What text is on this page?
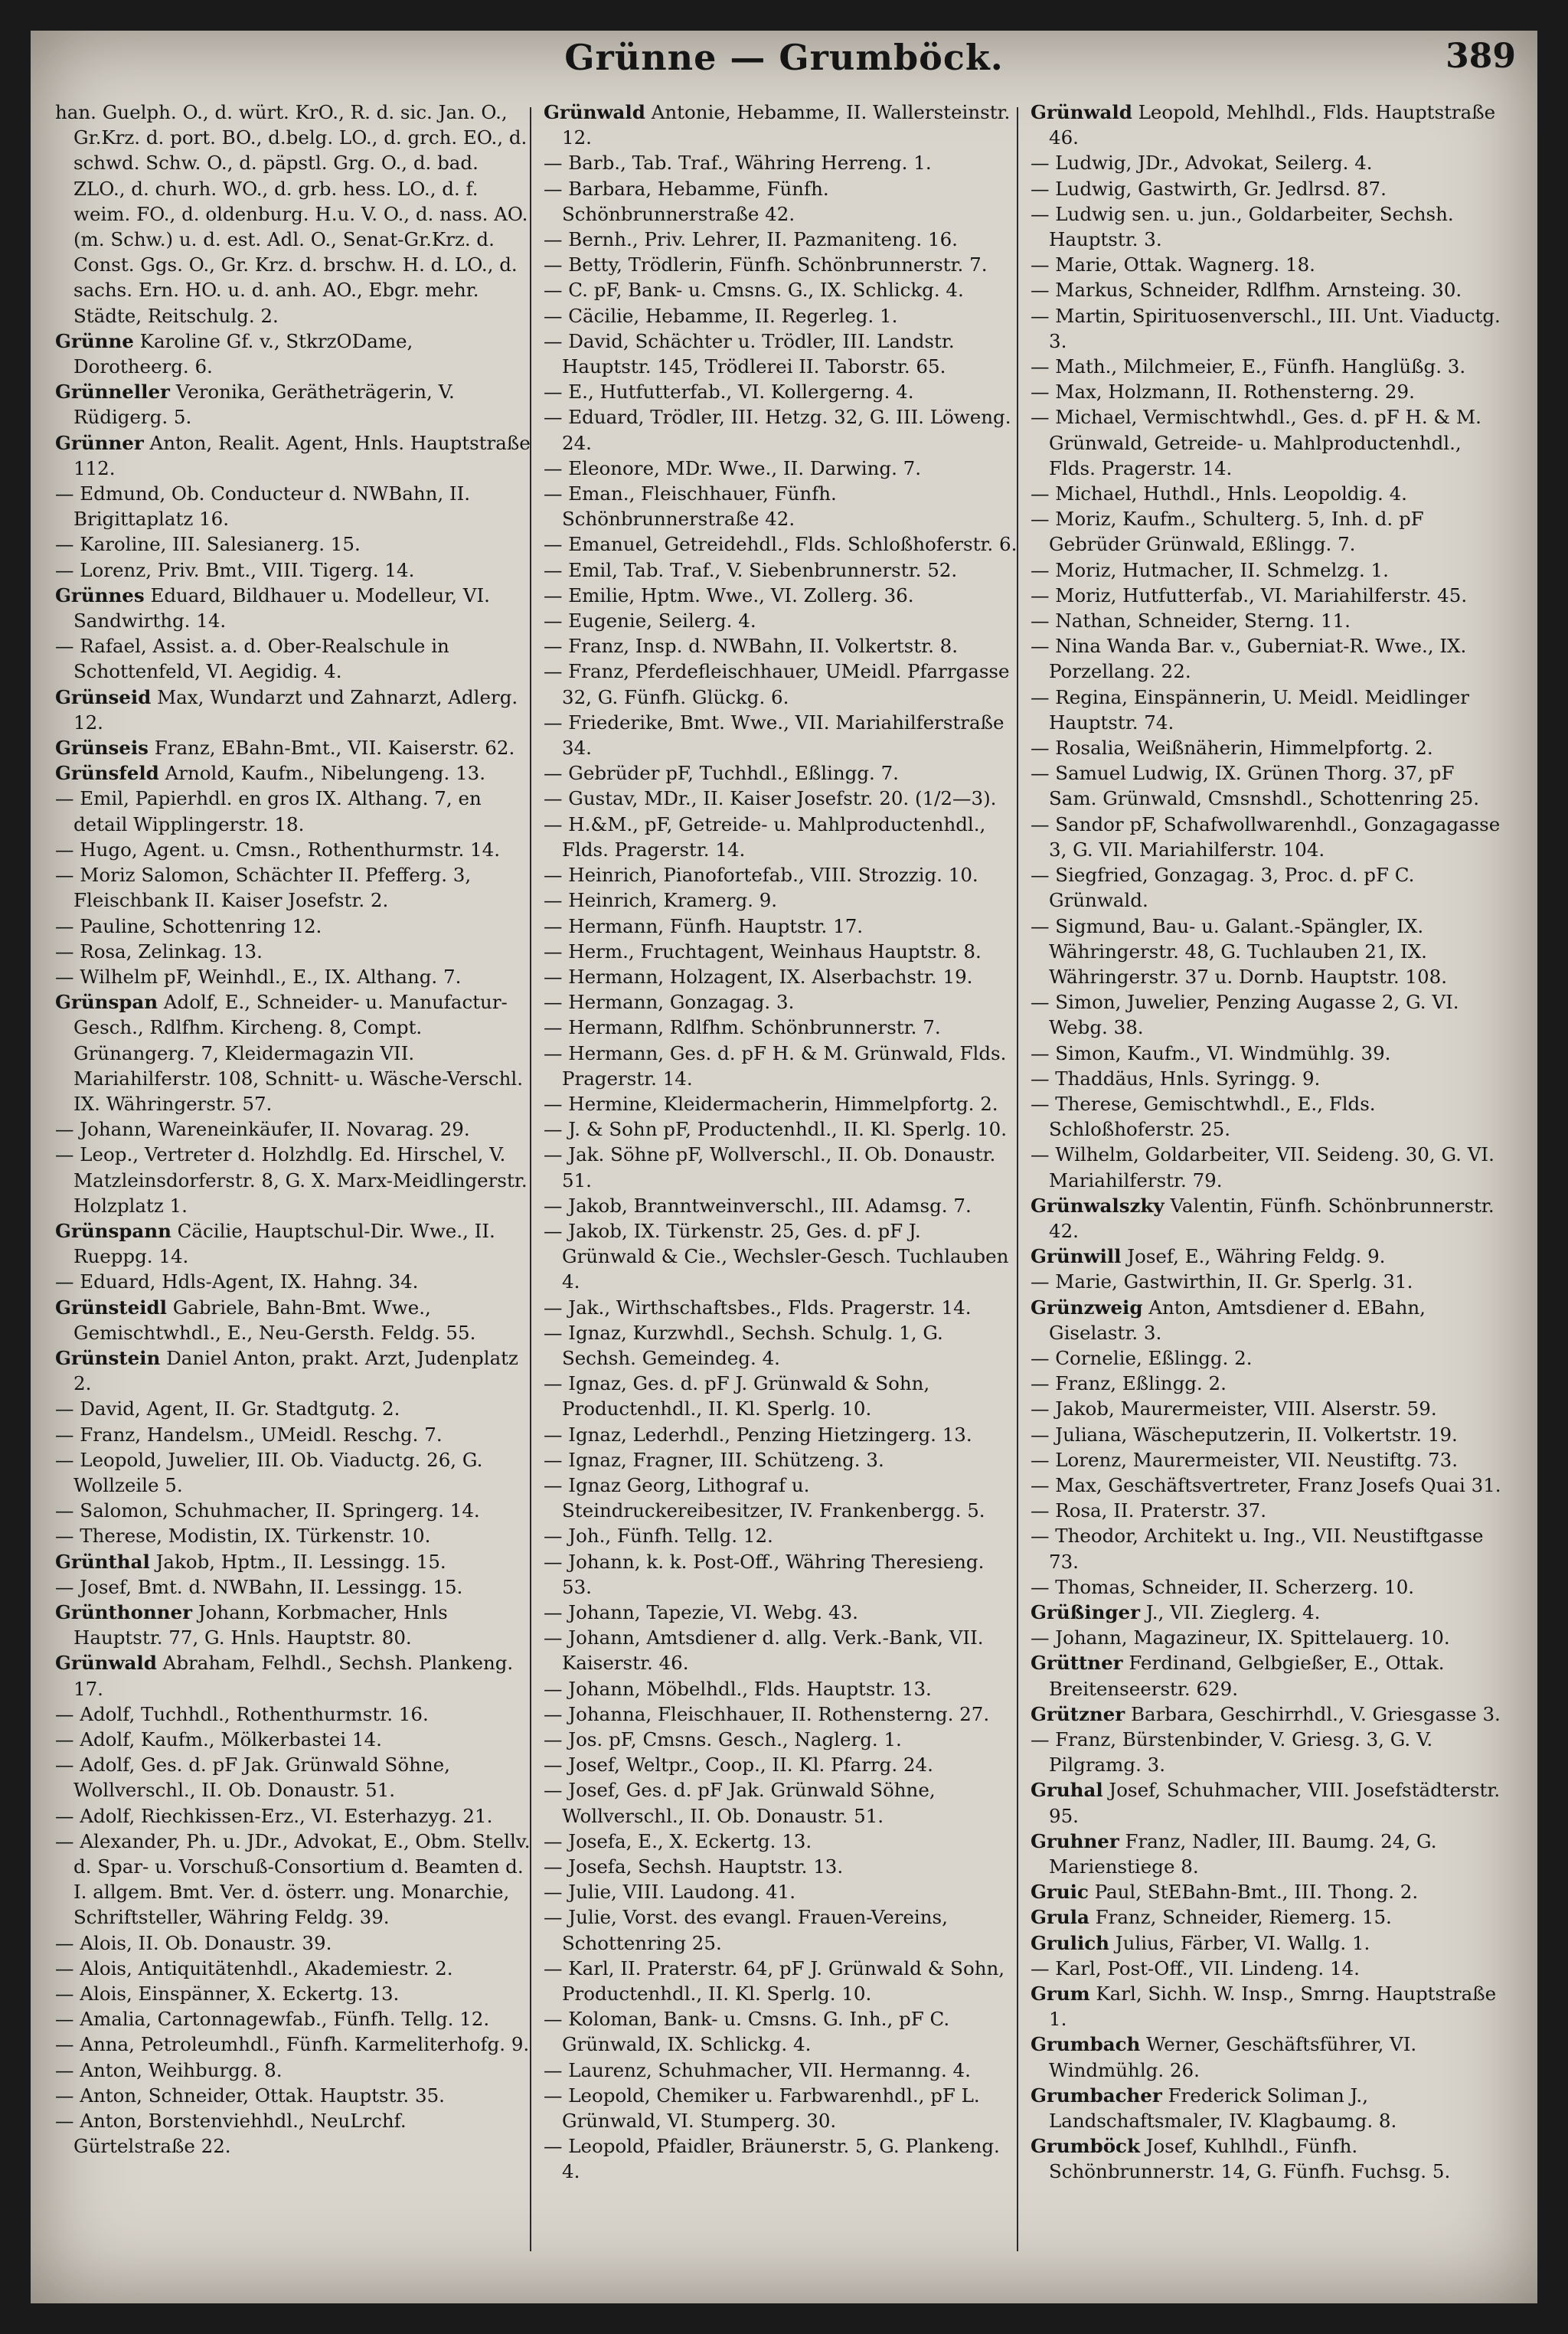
Grünne — Grumböck.	389

han. Guelph. O., d. würt. KrO., R. d. sic. Jan. O., Gr.Krz. d. port. BO., d.belg. LO., d. grch. EO., d. schwd. Schw. O., d. päpstl. Grg. O., d. bad. ZLO., d. churh. WO., d. grb. hess. LO., d. f. weim. FO., d. oldenburg. H.u. V. O., d. nass. AO. (m. Schw.) u. d. est. Adl. O., Senat-Gr.Krz. d. Const. Ggs. O., Gr. Krz. d. brschw. H. d. LO., d. sachs. Ern. HO. u. d. anh. AO., Ebgr. mehr. Städte, Reitschulg. 2.

Grünne Karoline Gf. v., StkrzODame, Dorotheerg. 6.

Grünneller Veronika, Gerätheträgerin, V. Rüdigerg. 5.

Grünner Anton, Realit. Agent, Hnls. Hauptstraße 112.

— Edmund, Ob. Conducteur d. NWBahn, II. Brigittaplatz 16.

— Karoline, III. Salesianerg. 15.

— Lorenz, Priv. Bmt., VIII. Tigerg. 14.

Grünnes Eduard, Bildhauer u. Modelleur, VI. Sandwirthg. 14.

— Rafael, Assist. a. d. Ober-Realschule in Schottenfeld, VI. Aegidig. 4.

Grünseid Max, Wundarzt und Zahnarzt, Adlerg. 12.

Grünseis Franz, EBahn-Bmt., VII. Kaiserstr. 62.

Grünsfeld Arnold, Kaufm., Nibelungeng. 13.

— Emil, Papierhdl. en gros IX. Althang. 7, en detail Wipplingerstr. 18.

— Hugo, Agent. u. Cmsn., Rothenthurmstr. 14.

— Moriz Salomon, Schächter II. Pfefferg. 3, Fleischbank II. Kaiser Josefstr. 2.

— Pauline, Schottenring 12.

— Rosa, Zelinkag. 13.

— Wilhelm pF, Weinhdl., E., IX. Althang. 7.

Grünspan Adolf, E., Schneider- u. Manufactur-Gesch., Rdlfhm. Kircheng. 8, Compt. Grünangerg. 7, Kleidermagazin VII. Mariahilferstr. 108, Schnitt- u. Wäsche-Verschl. IX. Währingerstr. 57.

— Johann, Wareneinkäufer, II. Novarag. 29.

— Leop., Vertreter d. Holzhdlg. Ed. Hirschel, V. Matzleinsdorferstr. 8, G. X. Marx-Meidlingerstr. Holzplatz 1.

Grünspann Cäcilie, Hauptschul-Dir. Wwe., II. Rueppg. 14.

— Eduard, Hdls-Agent, IX. Hahng. 34.

Grünsteidl Gabriele, Bahn-Bmt. Wwe., Gemischtwhdl., E., Neu-Gersth. Feldg. 55.

Grünstein Daniel Anton, prakt. Arzt, Judenplatz 2.

— David, Agent, II. Gr. Stadtgutg. 2.

— Franz, Handelsm., UMeidl. Reschg. 7.

— Leopold, Juwelier, III. Ob. Viaductg. 26, G. Wollzeile 5.

— Salomon, Schuhmacher, II. Springerg. 14.

— Therese, Modistin, IX. Türkenstr. 10.

Grünthal Jakob, Hptm., II. Lessingg. 15.

— Josef, Bmt. d. NWBahn, II. Lessingg. 15.

Grünthonner Johann, Korbmacher, Hnls Hauptstr. 77, G. Hnls. Hauptstr. 80.

Grünwald Abraham, Felhdl., Sechsh. Plankeng. 17.

— Adolf, Tuchhdl., Rothenthurmstr. 16.

— Adolf, Kaufm., Mölkerbastei 14.

— Adolf, Ges. d. pF Jak. Grünwald Söhne, Wollverschl., II. Ob. Donaustr. 51.

— Adolf, Riechkissen-Erz., VI. Esterhazyg. 21.

— Alexander, Ph. u. JDr., Advokat, E., Obm. Stellv. d. Spar- u. Vorschuß-Consortium d. Beamten d. I. allgem. Bmt. Ver. d. österr. ung. Monarchie, Schriftsteller, Währing Feldg. 39.

— Alois, II. Ob. Donaustr. 39.

— Alois, Antiquitätenhdl., Akademiestr. 2.

— Alois, Einspänner, X. Eckertg. 13.

— Amalia, Cartonnagewfab., Fünfh. Tellg. 12.

— Anna, Petroleumhdl., Fünfh. Karmeliterhofg. 9.

— Anton, Weihburgg. 8.

— Anton, Schneider, Ottak. Hauptstr. 35.

— Anton, Borstenviehhdl., NeuLrchf. Gürtelstraße 22.

Grünwald Antonie, Hebamme, II. Wallersteinstr. 12.

— Barb., Tab. Traf., Währing Herreng. 1.

— Barbara, Hebamme, Fünfh. Schönbrunnerstraße 42.

— Bernh., Priv. Lehrer, II. Pazmaniteng. 16.

— Betty, Trödlerin, Fünfh. Schönbrunnerstr. 7.

— C. pF, Bank- u. Cmsns. G., IX. Schlickg. 4.

— Cäcilie, Hebamme, II. Regerleg. 1.

— David, Schächter u. Trödler, III. Landstr. Hauptstr. 145, Trödlerei II. Taborstr. 65.

— E., Hutfutterfab., VI. Kollergerng. 4.

— Eduard, Trödler, III. Hetzg. 32, G. III. Löweng. 24.

— Eleonore, MDr. Wwe., II. Darwing. 7.

— Eman., Fleischhauer, Fünfh. Schönbrunnerstraße 42.

— Emanuel, Getreidehdl., Flds. Schloßhoferstr. 6.

— Emil, Tab. Traf., V. Siebenbrunnerstr. 52.

— Emilie, Hptm. Wwe., VI. Zollerg. 36.

— Eugenie, Seilerg. 4.

— Franz, Insp. d. NWBahn, II. Volkertstr. 8.

— Franz, Pferdefleischhauer, UMeidl. Pfarrgasse 32, G. Fünfh. Glückg. 6.

— Friederike, Bmt. Wwe., VII. Mariahilferstraße 34.

— Gebrüder pF, Tuchhdl., Eßlingg. 7.

— Gustav, MDr., II. Kaiser Josefstr. 20. (1/2—3).

— H.&M., pF, Getreide- u. Mahlproductenhdl., Flds. Pragerstr. 14.

— Heinrich, Pianofortefab., VIII. Strozzig. 10.

— Heinrich, Kramerg. 9.

— Hermann, Fünfh. Hauptstr. 17.

— Herm., Fruchtagent, Weinhaus Hauptstr. 8.

— Hermann, Holzagent, IX. Alserbachstr. 19.

— Hermann, Gonzagag. 3.

— Hermann, Rdlfhm. Schönbrunnerstr. 7.

— Hermann, Ges. d. pF H. & M. Grünwald, Flds. Pragerstr. 14.

— Hermine, Kleidermacherin, Himmelpfortg. 2.

— J. & Sohn pF, Productenhdl., II. Kl. Sperlg. 10.

— Jak. Söhne pF, Wollverschl., II. Ob. Donaustr. 51.

— Jakob, Branntweinverschl., III. Adamsg. 7.

— Jakob, IX. Türkenstr. 25, Ges. d. pF J. Grünwald & Cie., Wechsler-Gesch. Tuchlauben 4.

— Jak., Wirthschaftsbes., Flds. Pragerstr. 14.

— Ignaz, Kurzwhdl., Sechsh. Schulg. 1, G. Sechsh. Gemeindeg. 4.

— Ignaz, Ges. d. pF J. Grünwald & Sohn, Productenhdl., II. Kl. Sperlg. 10.

— Ignaz, Lederhdl., Penzing Hietzingerg. 13.

— Ignaz, Fragner, III. Schützeng. 3.

— Ignaz Georg, Lithograf u. Steindruckereibesitzer, IV. Frankenbergg. 5.

— Joh., Fünfh. Tellg. 12.

— Johann, k. k. Post-Off., Währing Theresieng. 53.

— Johann, Tapezie, VI. Webg. 43.

— Johann, Amtsdiener d. allg. Verk.-Bank, VII. Kaiserstr. 46.

— Johann, Möbelhdl., Flds. Hauptstr. 13.

— Johanna, Fleischhauer, II. Rothensterng. 27.

— Jos. pF, Cmsns. Gesch., Naglerg. 1.

— Josef, Weltpr., Coop., II. Kl. Pfarrg. 24.

— Josef, Ges. d. pF Jak. Grünwald Söhne, Wollverschl., II. Ob. Donaustr. 51.

— Josefa, E., X. Eckertg. 13.

— Josefa, Sechsh. Hauptstr. 13.

— Julie, VIII. Laudong. 41.

— Julie, Vorst. des evangl. Frauen-Vereins, Schottenring 25.

— Karl, II. Praterstr. 64, pF J. Grünwald & Sohn, Productenhdl., II. Kl. Sperlg. 10.

— Koloman, Bank- u. Cmsns. G. Inh., pF C. Grünwald, IX. Schlickg. 4.

— Laurenz, Schuhmacher, VII. Hermanng. 4.

— Leopold, Chemiker u. Farbwarenhdl., pF L. Grünwald, VI. Stumperg. 30.

— Leopold, Pfaidler, Bräunerstr. 5, G. Plankeng. 4.

Grünwald Leopold, Mehlhdl., Flds. Hauptstraße 46.

— Ludwig, JDr., Advokat, Seilerg. 4.

— Ludwig, Gastwirth, Gr. Jedlrsd. 87.

— Ludwig sen. u. jun., Goldarbeiter, Sechsh. Hauptstr. 3.

— Marie, Ottak. Wagnerg. 18.

— Markus, Schneider, Rdlfhm. Arnsteing. 30.

— Martin, Spirituosenverschl., III. Unt. Viaductg. 3.

— Math., Milchmeier, E., Fünfh. Hanglüßg. 3.

— Max, Holzmann, II. Rothensterng. 29.

— Michael, Vermischtwhdl., Ges. d. pF H. & M. Grünwald, Getreide- u. Mahlproductenhdl., Flds. Pragerstr. 14.

— Michael, Huthdl., Hnls. Leopoldig. 4.

— Moriz, Kaufm., Schulterg. 5, Inh. d. pF Gebrüder Grünwald, Eßlingg. 7.

— Moriz, Hutmacher, II. Schmelzg. 1.

— Moriz, Hutfutterfab., VI. Mariahilferstr. 45.

— Nathan, Schneider, Sterng. 11.

— Nina Wanda Bar. v., Guberniat-R. Wwe., IX. Porzellang. 22.

— Regina, Einspännerin, U. Meidl. Meidlinger Hauptstr. 74.

— Rosalia, Weißnäherin, Himmelpfortg. 2.

— Samuel Ludwig, IX. Grünen Thorg. 37, pF Sam. Grünwald, Cmsnshdl., Schottenring 25.

— Sandor pF, Schafwollwarenhdl., Gonzagagasse 3, G. VII. Mariahilferstr. 104.

— Siegfried, Gonzagag. 3, Proc. d. pF C. Grünwald.

— Sigmund, Bau- u. Galant.-Spängler, IX. Währingerstr. 48, G. Tuchlauben 21, IX. Währingerstr. 37 u. Dornb. Hauptstr. 108.

— Simon, Juwelier, Penzing Augasse 2, G. VI. Webg. 38.

— Simon, Kaufm., VI. Windmühlg. 39.

— Thaddäus, Hnls. Syringg. 9.

— Therese, Gemischtwhdl., E., Flds. Schloßhoferstr. 25.

— Wilhelm, Goldarbeiter, VII. Seideng. 30, G. VI. Mariahilferstr. 79.

Grünwalszky Valentin, Fünfh. Schönbrunnerstr. 42.

Grünwill Josef, E., Währing Feldg. 9.

— Marie, Gastwirthin, II. Gr. Sperlg. 31.

Grünzweig Anton, Amtsdiener d. EBahn, Giselastr. 3.

— Cornelie, Eßlingg. 2.

— Franz, Eßlingg. 2.

— Jakob, Maurermeister, VIII. Alserstr. 59.

— Juliana, Wäscheputzerin, II. Volkertstr. 19.

— Lorenz, Maurermeister, VII. Neustiftg. 73.

— Max, Geschäftsvertreter, Franz Josefs Quai 31.

— Rosa, II. Praterstr. 37.

— Theodor, Architekt u. Ing., VII. Neustiftgasse 73.

— Thomas, Schneider, II. Scherzerg. 10.

Grüßinger J., VII. Zieglerg. 4.

— Johann, Magazineur, IX. Spittelauerg. 10.

Grüttner Ferdinand, Gelbgießer, E., Ottak. Breitenseerstr. 629.

Grützner Barbara, Geschirrhdl., V. Griesgasse 3.

— Franz, Bürstenbinder, V. Griesg. 3, G. V. Pilgramg. 3.

Gruhal Josef, Schuhmacher, VIII. Josefstädterstr. 95.

Gruhner Franz, Nadler, III. Baumg. 24, G. Marienstiege 8.

Gruic Paul, StEBahn-Bmt., III. Thong. 2.

Grula Franz, Schneider, Riemerg. 15.

Grulich Julius, Färber, VI. Wallg. 1.

— Karl, Post-Off., VII. Lindeng. 14.

Grum Karl, Sichh. W. Insp., Smrng. Hauptstraße 1.

Grumbach Werner, Geschäftsführer, VI. Windmühlg. 26.

Grumbacher Frederick Soliman J., Landschaftsmaler, IV. Klagbaumg. 8.

Grumböck Josef, Kuhlhdl., Fünfh. Schönbrunnerstr. 14, G. Fünfh. Fuchsg. 5.
